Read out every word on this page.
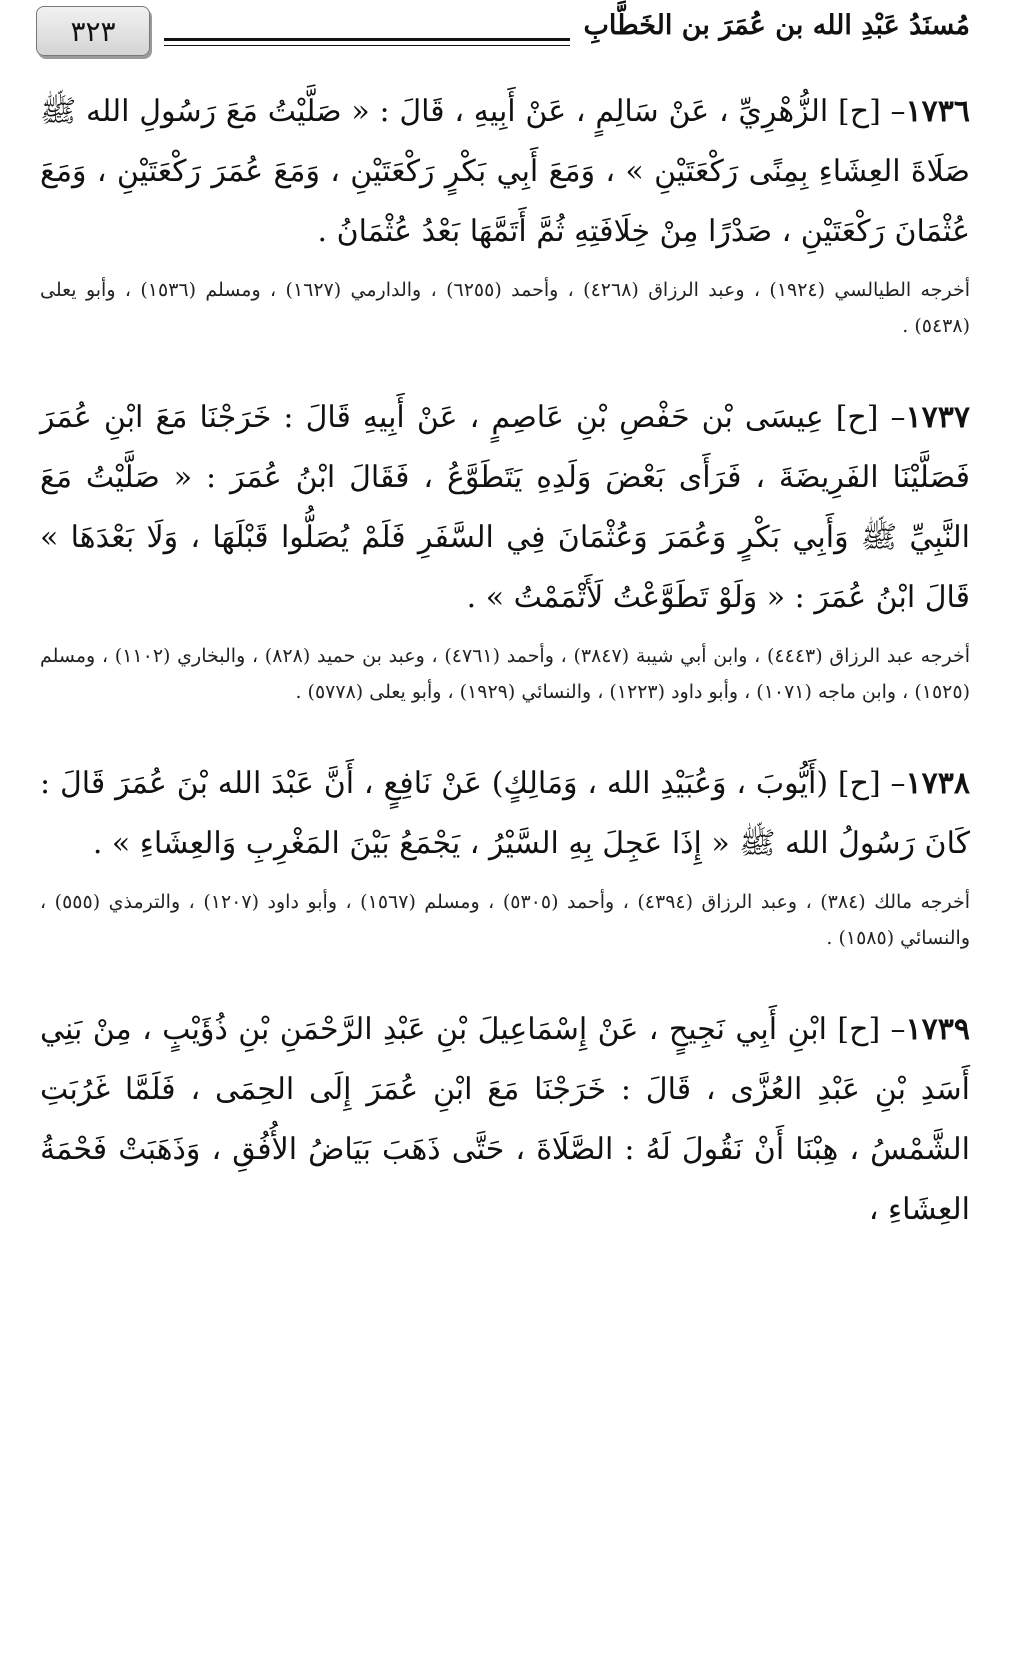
٣٢٣	مُسنَدُ عَبْدِ الله بن عُمَرَ بن الخَطَّابِ

١٧٣٦– [ح] الزُّهْرِيِّ ، عَنْ سَالِمٍ ، عَنْ أَبِيهِ ، قَالَ : « صَلَّيْتُ مَعَ رَسُولِ الله ﷺ صَلَاةَ العِشَاءِ بِمِنًى رَكْعَتَيْنِ » ، وَمَعَ أَبِي بَكْرٍ رَكْعَتَيْنِ ، وَمَعَ عُمَرَ رَكْعَتَيْنِ ، وَمَعَ عُثْمَانَ رَكْعَتَيْنِ ، صَدْرًا مِنْ خِلَافَتِهِ ثُمَّ أَتَمَّهَا بَعْدُ عُثْمَانُ .

أخرجه الطيالسي (١٩٢٤) ، وعبد الرزاق (٤٢٦٨) ، وأحمد (٦٢٥٥) ، والدارمي (١٦٢٧) ، ومسلم (١٥٣٦) ، وأبو يعلى (٥٤٣٨) .

١٧٣٧– [ح] عِيسَى بْن حَفْصِ بْنِ عَاصِمٍ ، عَنْ أَبِيهِ قَالَ : خَرَجْنَا مَعَ ابْنِ عُمَرَ فَصَلَّيْنَا الفَرِيضَةَ ، فَرَأَى بَعْضَ وَلَدِهِ يَتَطَوَّعُ ، فَقَالَ ابْنُ عُمَرَ : « صَلَّيْتُ مَعَ النَّبِيِّ ﷺ وَأَبِي بَكْرٍ وَعُمَرَ وَعُثْمَانَ فِي السَّفَرِ فَلَمْ يُصَلُّوا قَبْلَهَا ، وَلَا بَعْدَهَا » قَالَ ابْنُ عُمَرَ : « وَلَوْ تَطَوَّعْتُ لَأَتْمَمْتُ » .

أخرجه عبد الرزاق (٤٤٤٣) ، وابن أبي شيبة (٣٨٤٧) ، وأحمد (٤٧٦١) ، وعبد بن حميد (٨٢٨) ، والبخاري (١١٠٢) ، ومسلم (١٥٢٥) ، وابن ماجه (١٠٧١) ، وأبو داود (١٢٢٣) ، والنسائي (١٩٢٩) ، وأبو يعلى (٥٧٧٨) .

١٧٣٨– [ح] (أَيُّوبَ ، وَعُبَيْدِ الله ، وَمَالِكٍ) عَنْ نَافِعٍ ، أَنَّ عَبْدَ الله بْنَ عُمَرَ قَالَ : كَانَ رَسُولُ الله ﷺ « إِذَا عَجِلَ بِهِ السَّيْرُ ، يَجْمَعُ بَيْنَ المَغْرِبِ وَالعِشَاءِ » .

أخرجه مالك (٣٨٤) ، وعبد الرزاق (٤٣٩٤) ، وأحمد (٥٣٠٥) ، ومسلم (١٥٦٧) ، وأبو داود (١٢٠٧) ، والترمذي (٥٥٥) ، والنسائي (١٥٨٥) .

١٧٣٩– [ح] ابْنِ أَبِي نَجِيحٍ ، عَنْ إِسْمَاعِيلَ بْنِ عَبْدِ الرَّحْمَنِ بْنِ ذُؤَيْبٍ ، مِنْ بَنِي أَسَدِ بْنِ عَبْدِ العُزَّى ، قَالَ : خَرَجْنَا مَعَ ابْنِ عُمَرَ إِلَى الحِمَى ، فَلَمَّا غَرُبَتِ الشَّمْسُ ، هِبْنَا أَنْ نَقُولَ لَهُ : الصَّلَاةَ ، حَتَّى ذَهَبَ بَيَاضُ الأُفُقِ ، وَذَهَبَتْ فَحْمَةُ العِشَاءِ ،
